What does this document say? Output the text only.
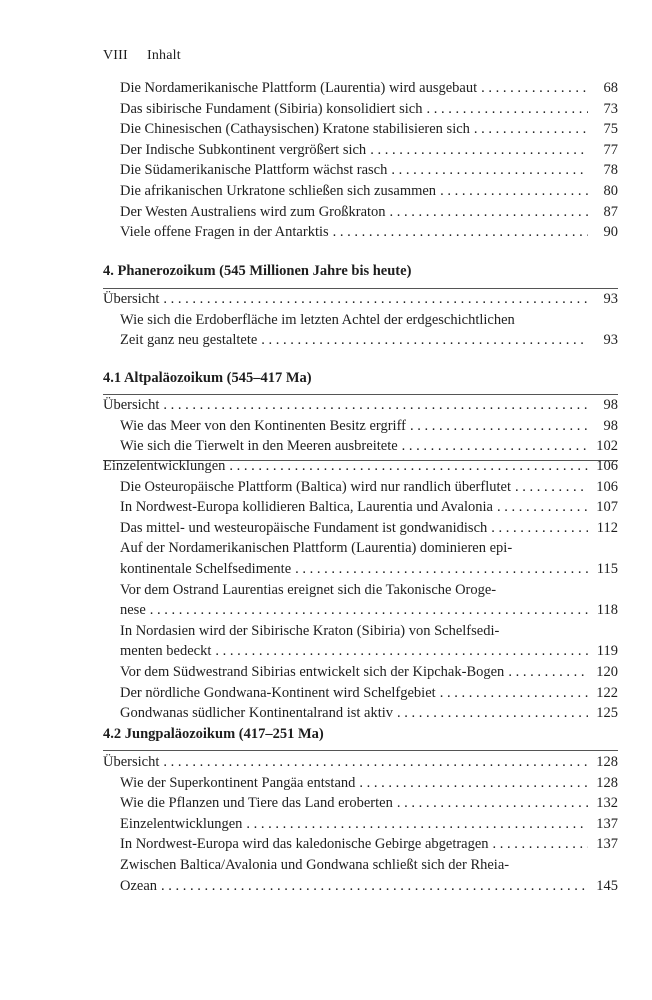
VIII Inhalt
Die Nordamerikanische Plattform (Laurentia) wird ausgebaut . . .	68
Das sibirische Fundament (Sibiria) konsolidiert sich . . .	73
Die Chinesischen (Cathaysischen) Kratone stabilisieren sich . . .	75
Der Indische Subkontinent vergrößert sich . . .	77
Die Südamerikanische Plattform wächst rasch . . .	78
Die afrikanischen Urkratone schließen sich zusammen . . .	80
Der Westen Australiens wird zum Großkraton . . .	87
Viele offene Fragen in der Antarktis . . .	90
4. Phanerozoikum (545 Millionen Jahre bis heute)
Übersicht . . .	93
Wie sich die Erdoberfläche im letzten Achtel der erdgeschichtlichen
Zeit ganz neu gestaltete . . .	93
4.1 Altpaläozoikum (545–417 Ma)
Übersicht . . .	98
Wie das Meer von den Kontinenten Besitz ergriff . . .	98
Wie sich die Tierwelt in den Meeren ausbreitete . . .	102
Einzelentwicklungen . . .	106
Die Osteuropäische Plattform (Baltica) wird nur randlich überflutet . . .	106
In Nordwest-Europa kollidieren Baltica, Laurentia und Avalonia . . .	107
Das mittel- und westeuropäische Fundament ist gondwanidisch . . .	112
Auf der Nordamerikanischen Plattform (Laurentia) dominieren epi-
kontinentale Schelfsedimente . . .	115
Vor dem Ostrand Laurentias ereignet sich die Takonische Oroge-
nese . . .	118
In Nordasien wird der Sibirische Kraton (Sibiria) von Schelfsedi-
menten bedeckt . . .	119
Vor dem Südwestrand Sibirias entwickelt sich der Kipchak-Bogen . . .	120
Der nördliche Gondwana-Kontinent wird Schelfgebiet . . .	122
Gondwanas südlicher Kontinentalrand ist aktiv . . .	125
4.2 Jungpaläozoikum (417–251 Ma)
Übersicht . . .	128
Wie der Superkontinent Pangäa entstand . . .	128
Wie die Pflanzen und Tiere das Land eroberten . . .	132
Einzelentwicklungen . . .	137
In Nordwest-Europa wird das kaledonische Gebirge abgetragen . . .	137
Zwischen Baltica/Avalonia und Gondwana schließt sich der Rheia-
Ozean . . .	145
